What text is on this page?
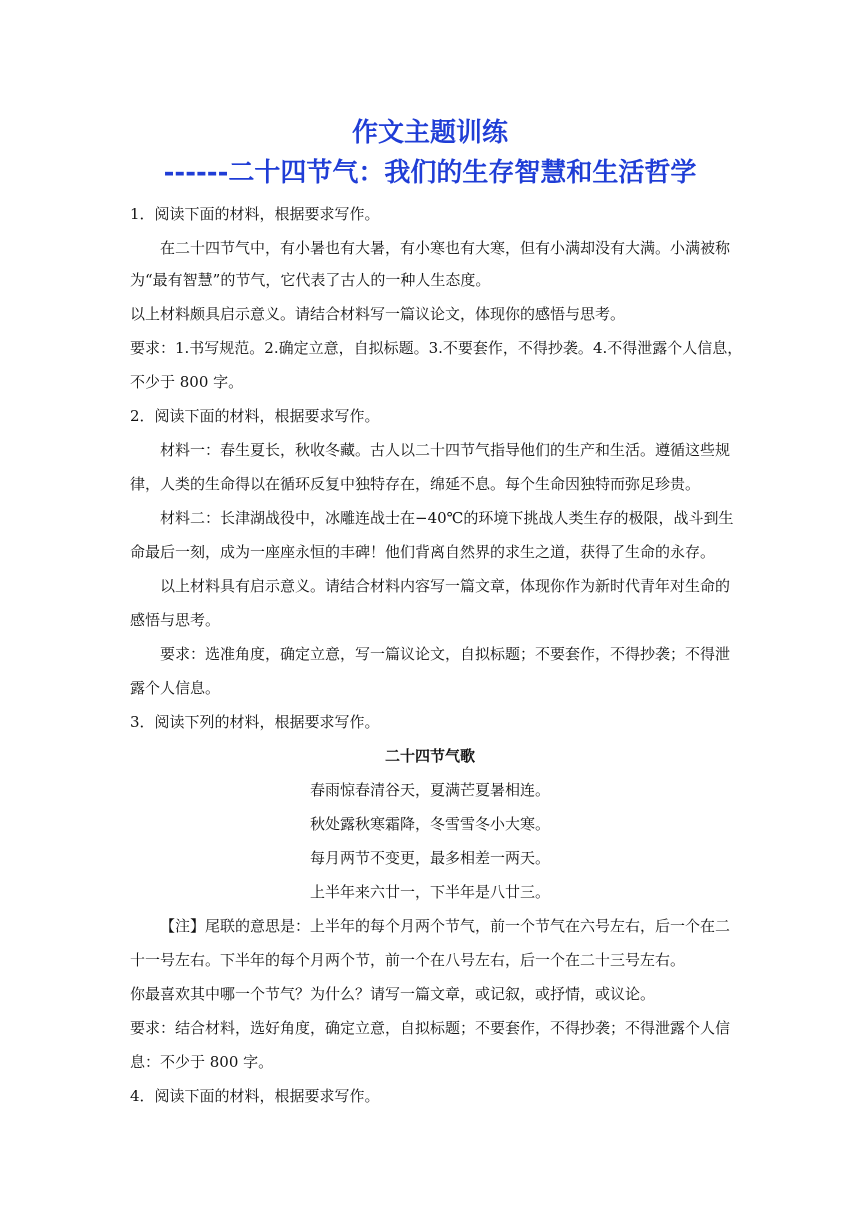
作文主题训练
------二十四节气：我们的生存智慧和生活哲学
1．阅读下面的材料，根据要求写作。
在二十四节气中，有小暑也有大暑，有小寒也有大寒，但有小满却没有大满。小满被称
为“最有智慧”的节气，它代表了古人的一种人生态度。
以上材料颇具启示意义。请结合材料写一篇议论文，体现你的感悟与思考。
要求：1.书写规范。2.确定立意，自拟标题。3.不要套作，不得抄袭。4.不得泄露个人信息，
不少于 800 字。
2．阅读下面的材料，根据要求写作。
材料一：春生夏长，秋收冬藏。古人以二十四节气指导他们的生产和生活。遵循这些规
律，人类的生命得以在循环反复中独特存在，绵延不息。每个生命因独特而弥足珍贵。
材料二：长津湖战役中，冰雕连战士在−40℃的环境下挑战人类生存的极限，战斗到生
命最后一刻，成为一座座永恒的丰碑！他们背离自然界的求生之道，获得了生命的永存。
以上材料具有启示意义。请结合材料内容写一篇文章，体现你作为新时代青年对生命的
感悟与思考。
要求：选准角度，确定立意，写一篇议论文，自拟标题；不要套作，不得抄袭；不得泄
露个人信息。
3．阅读下列的材料，根据要求写作。
二十四节气歌
春雨惊春清谷天，夏满芒夏暑相连。
秋处露秋寒霜降，冬雪雪冬小大寒。
每月两节不变更，最多相差一两天。
上半年来六廿一，下半年是八廿三。
【注】尾联的意思是：上半年的每个月两个节气，前一个节气在六号左右，后一个在二
十一号左右。下半年的每个月两个节，前一个在八号左右，后一个在二十三号左右。
你最喜欢其中哪一个节气？为什么？请写一篇文章，或记叙，或抒情，或议论。
要求：结合材料，选好角度，确定立意，自拟标题；不要套作，不得抄袭；不得泄露个人信
息：不少于 800 字。
4．阅读下面的材料，根据要求写作。
